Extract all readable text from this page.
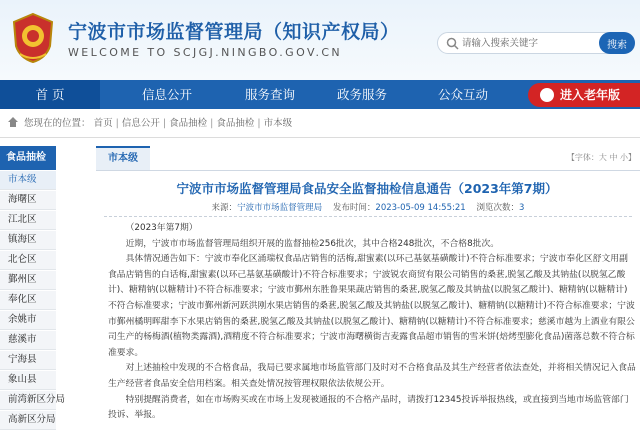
宁波市市场监督管理局（知识产权局）
WELCOME TO SCJGJ.NINGBO.GOV.CN
请输入搜索关键字
搜索
首 页	信息公开	服务查询	政务服务	公众互动	进入老年版
您现在的位置： 首页 | 信息公开 | 食品抽检 | 食品抽检 | 市本级
食品抽检
市本级
海曙区
江北区
镇海区
北仑区
鄞州区
奉化区
余姚市
慈溪市
宁海县
象山县
前湾新区分局
高新区分局
市本级	【字体：大 中 小】
宁波市市场监督管理局食品安全监督抽检信息通告（2023年第7期）
来源：宁波市市场监督管理局 发布时间：2023-05-09 14:55:21 浏览次数：3

（2023年第7期）

近期，宁波市市场监督管理局组织开展的监督抽检256批次，其中合格248批次，不合格8批次。

具体情况通告如下：宁波市奉化区涌瑞权食品店销售的活梅,甜蜜素(以环己基氨基磺酸计)不符合标准要求；宁波市奉化区舒文用副食品店销售的白话梅,甜蜜素(以环己基氨基磺酸计)不符合标准要求；宁波锐农商贸有限公司销售的桑葚,脱氢乙酸及其钠盐(以脱氢乙酸计)、糖精钠(以糖精计)不符合标准要求；宁波市鄞州东胜鲁果果蔬店销售的桑葚,脱氢乙酸及其钠盐(以脱氢乙酸计)、糖精钠(以糖精计)不符合标准要求；宁波市鄞州新河跃洪刚水果店销售的桑葚,脱氢乙酸及其钠盐(以脱氢乙酸计)、糖精钠(以糖精计)不符合标准要求；宁波市鄞州橘明晖甜李下水果店销售的桑葚,脱氢乙酸及其钠盐(以脱氢乙酸计)、糖精钠(以糖精计)不符合标准要求；慈溪市越为上酒业有限公司生产的杨梅酒(植物类露酒),酒精度不符合标准要求；宁波市海曙横街吉麦露食品超市销售的雪米饼(焙烤型膨化食品)菌落总数不符合标准要求。

对上述抽检中发现的不合格食品，我局已要求属地市场监管部门及时对不合格食品及其生产经营者依法查处，并将相关情况记入食品生产经营者食品安全信用档案。相关查处情况按管理权限依法依规公开。

特别提醒消费者，如在市场购买或在市场上发现被通报的不合格产品时，请拨打12345投诉举报热线，或直接到当地市场监管部门投诉、举报。
